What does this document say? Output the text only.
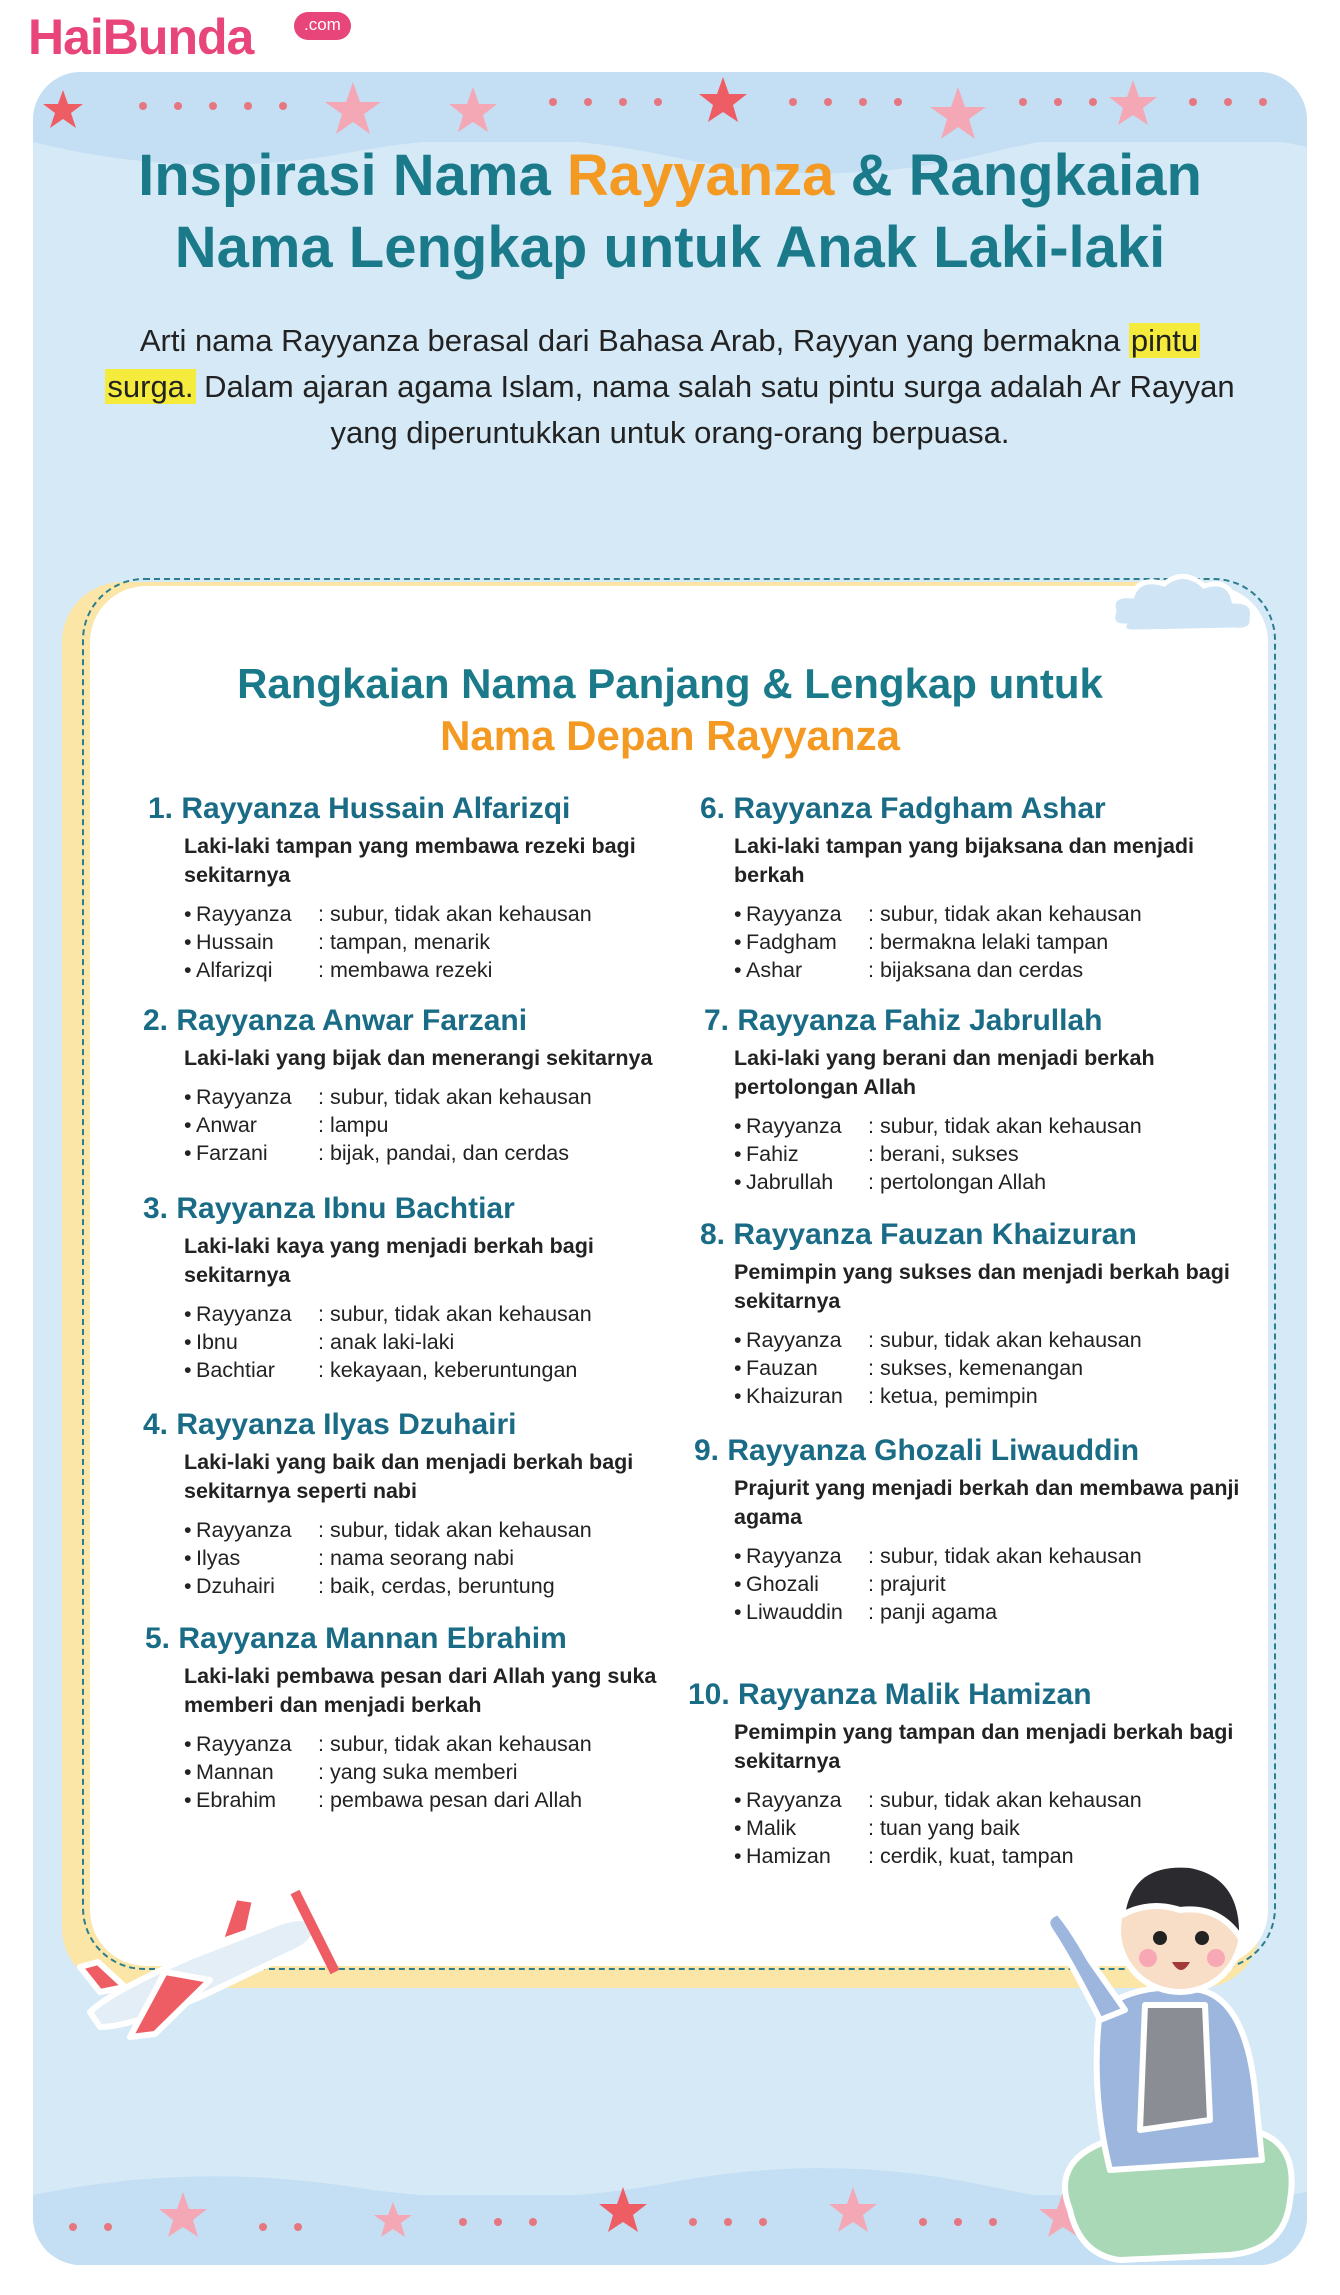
HaiBunda	.com
Inspirasi Nama Rayyanza & Rangkaian
Nama Lengkap untuk Anak Laki-laki
Arti nama Rayyanza berasal dari Bahasa Arab, Rayyan yang bermakna pintu
surga. Dalam ajaran agama Islam, nama salah satu pintu surga adalah Ar Rayyan yang diperuntukkan untuk orang-orang berpuasa.
Rangkaian Nama Panjang & Lengkap untuk
Nama Depan Rayyanza
1. Rayyanza Hussain Alfarizqi
Laki-laki tampan yang membawa rezeki bagi sekitarnya
• Rayyanza : subur, tidak akan kehausan
• Hussain : tampan, menarik
• Alfarizqi : membawa rezeki
2. Rayyanza Anwar Farzani
Laki-laki yang bijak dan menerangi sekitarnya
• Rayyanza : subur, tidak akan kehausan
• Anwar	: lampu
• Farzani : bijak, pandai, dan cerdas
3. Rayyanza Ibnu Bachtiar
Laki-laki kaya yang menjadi berkah bagi sekitarnya
• Rayyanza : subur, tidak akan kehausan
• Ibnu	: anak laki-laki
• Bachtiar : kekayaan, keberuntungan
4. Rayyanza Ilyas Dzuhairi
Laki-laki yang baik dan menjadi berkah bagi sekitarnya seperti nabi
• Rayyanza : subur, tidak akan kehausan
• Ilyas	: nama seorang nabi
• Dzuhairi : baik, cerdas, beruntung
5. Rayyanza Mannan Ebrahim
Laki-laki pembawa pesan dari Allah yang suka memberi dan menjadi berkah
• Rayyanza : subur, tidak akan kehausan
• Mannan : yang suka memberi
• Ebrahim : pembawa pesan dari Allah
6. Rayyanza Fadgham Ashar
Laki-laki tampan yang bijaksana dan menjadi berkah
• Rayyanza : subur, tidak akan kehausan
• Fadgham : bermakna lelaki tampan
• Ashar	: bijaksana dan cerdas
7. Rayyanza Fahiz Jabrullah
Laki-laki yang berani dan menjadi berkah pertolongan Allah
• Rayyanza : subur, tidak akan kehausan
• Fahiz	: berani, sukses
• Jabrullah : pertolongan Allah
8. Rayyanza Fauzan Khaizuran
Pemimpin yang sukses dan menjadi berkah bagi sekitarnya
• Rayyanza : subur, tidak akan kehausan
• Fauzan : sukses, kemenangan
• Khaizuran : ketua, pemimpin
9. Rayyanza Ghozali Liwauddin
Prajurit yang menjadi berkah dan membawa panji agama
• Rayyanza : subur, tidak akan kehausan
• Ghozali : prajurit
• Liwauddin : panji agama
10. Rayyanza Malik Hamizan
Pemimpin yang tampan dan menjadi berkah bagi sekitarnya
• Rayyanza : subur, tidak akan kehausan
• Malik	: tuan yang baik
• Hamizan : cerdik, kuat, tampan
